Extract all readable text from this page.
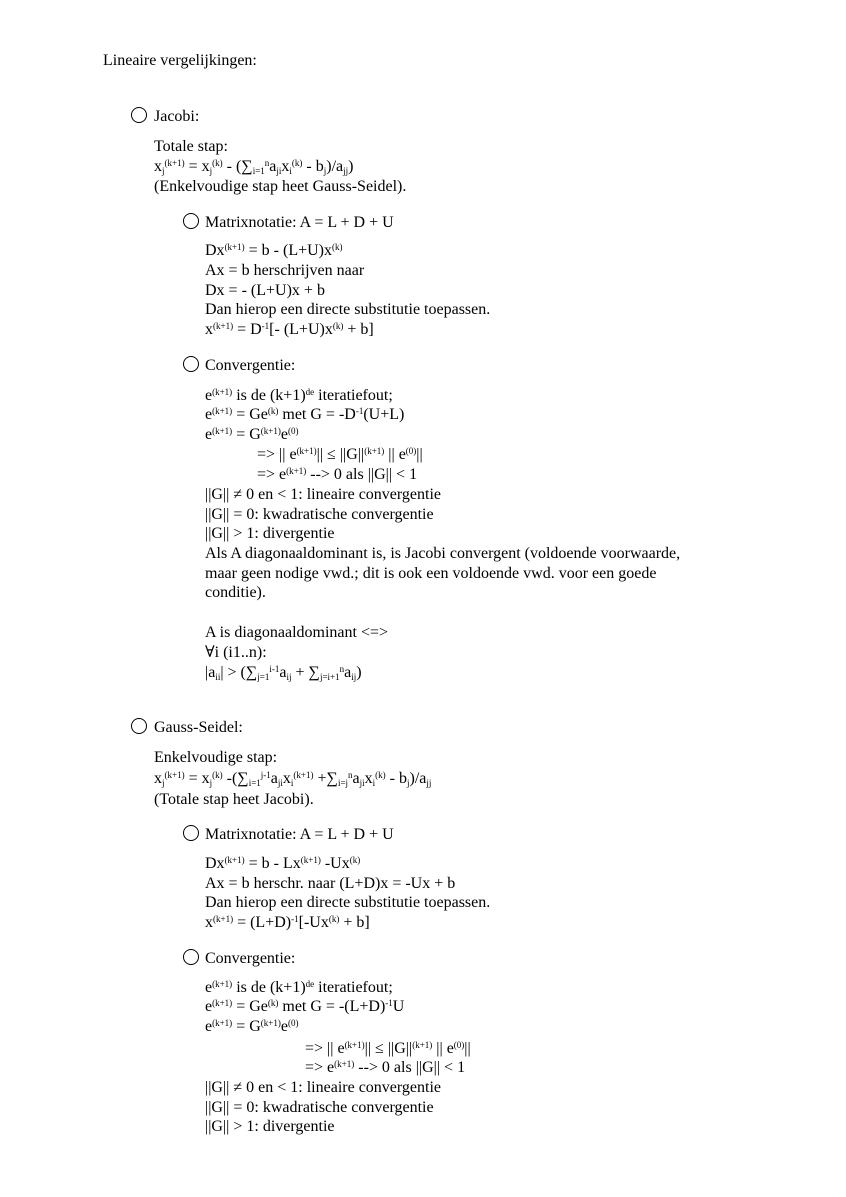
Lineaire vergelijkingen:
Jacobi:
Totale stap:
$x_j^{(k+1)} = x_j^{(k)} - (\sum_{i=1}^na_{ji}x_i^{(k)} - b_j)/a_{jj}$)
(Enkelvoudige stap heet Gauss-Seidel).
Matrixnotatie: A = L + D + U
$Dx^{(k+1)} = b - (L+U)x^{(k)}$
Ax = b herschrijven naar
Dx = - (L+U)x + b
Dan hierop een directe substitutie toepassen.
$x^{(k+1)} = D^{-1}[-$ $(L+U)x^{(k)} + b$]
Convergentie:
$e^{(k+1)}$ is de $(k+1)^{de}$ iteratiefout;
$e^{(k+1)} = Ge^{(k)}$ met $G = -D^{-1}(U+L)$
$e^{(k+1)} = G^{(k+1)}e^{(0)}$
=> || $e^{(k+1)}|| \le ||G||^{(k+1)}$ || $e^{(0)}||$
=> $e^{(k+1)}$ --> 0 als ||G|| < 1
||G|| ≠ 0 en < 1: lineaire convergentie
||G|| = 0: kwadratische convergentie
||G|| > 1: divergentie
Als A diagonaaldominant is, is Jacobi convergent (voldoende voorwaarde,
maar geen nodige vwd.; dit is ook een voldoende vwd. voor een goede
conditie).
A is diagonaaldominant <=>
∀i (i1..n):
$|a_{ii}| > (\sum_{j=1}^{i-1}a_{ij} + \sum_{j=i+1}^na_{ij})$
Gauss-Seidel:
Enkelvoudige stap:
$x_j^{(k+1)} = x_j^{(k)}$ $-(\sum_{i=1}^{j-1}a_{ji}x_i^{(k+1)} +\sum_{i=j}^na_{ji}x_i^{(k)} - b_j)/a_{jj}$
(Totale stap heet Jacobi).
Matrixnotatie: A = L + D + U
$Dx^{(k+1)} = b - Lx^{(k+1)}$ -Ux$^{(k)}$
Ax = b herschr. naar (L+D)x = -Ux + b
Dan hierop een directe substitutie toepassen.
$x^{(k+1)} = (L+D)^{-1}[-Ux^{(k)} + b]$
Convergentie:
$e^{(k+1)}$ is de $(k+1)^{de}$ iteratiefout;
$e^{(k+1)} = Ge^{(k)}$ met $G = -(L+D)^{-1}U$
$e^{(k+1)} = G^{(k+1)}e^{(0)}$
=> || $e^{(k+1)}|| \le ||G||^{(k+1)}$ || $e^{(0)}||$
=> $e^{(k+1)}$ --> 0 als ||G|| < 1
||G|| ≠ 0 en < 1: lineaire convergentie
||G|| = 0: kwadratische convergentie
||G|| > 1: divergentie
